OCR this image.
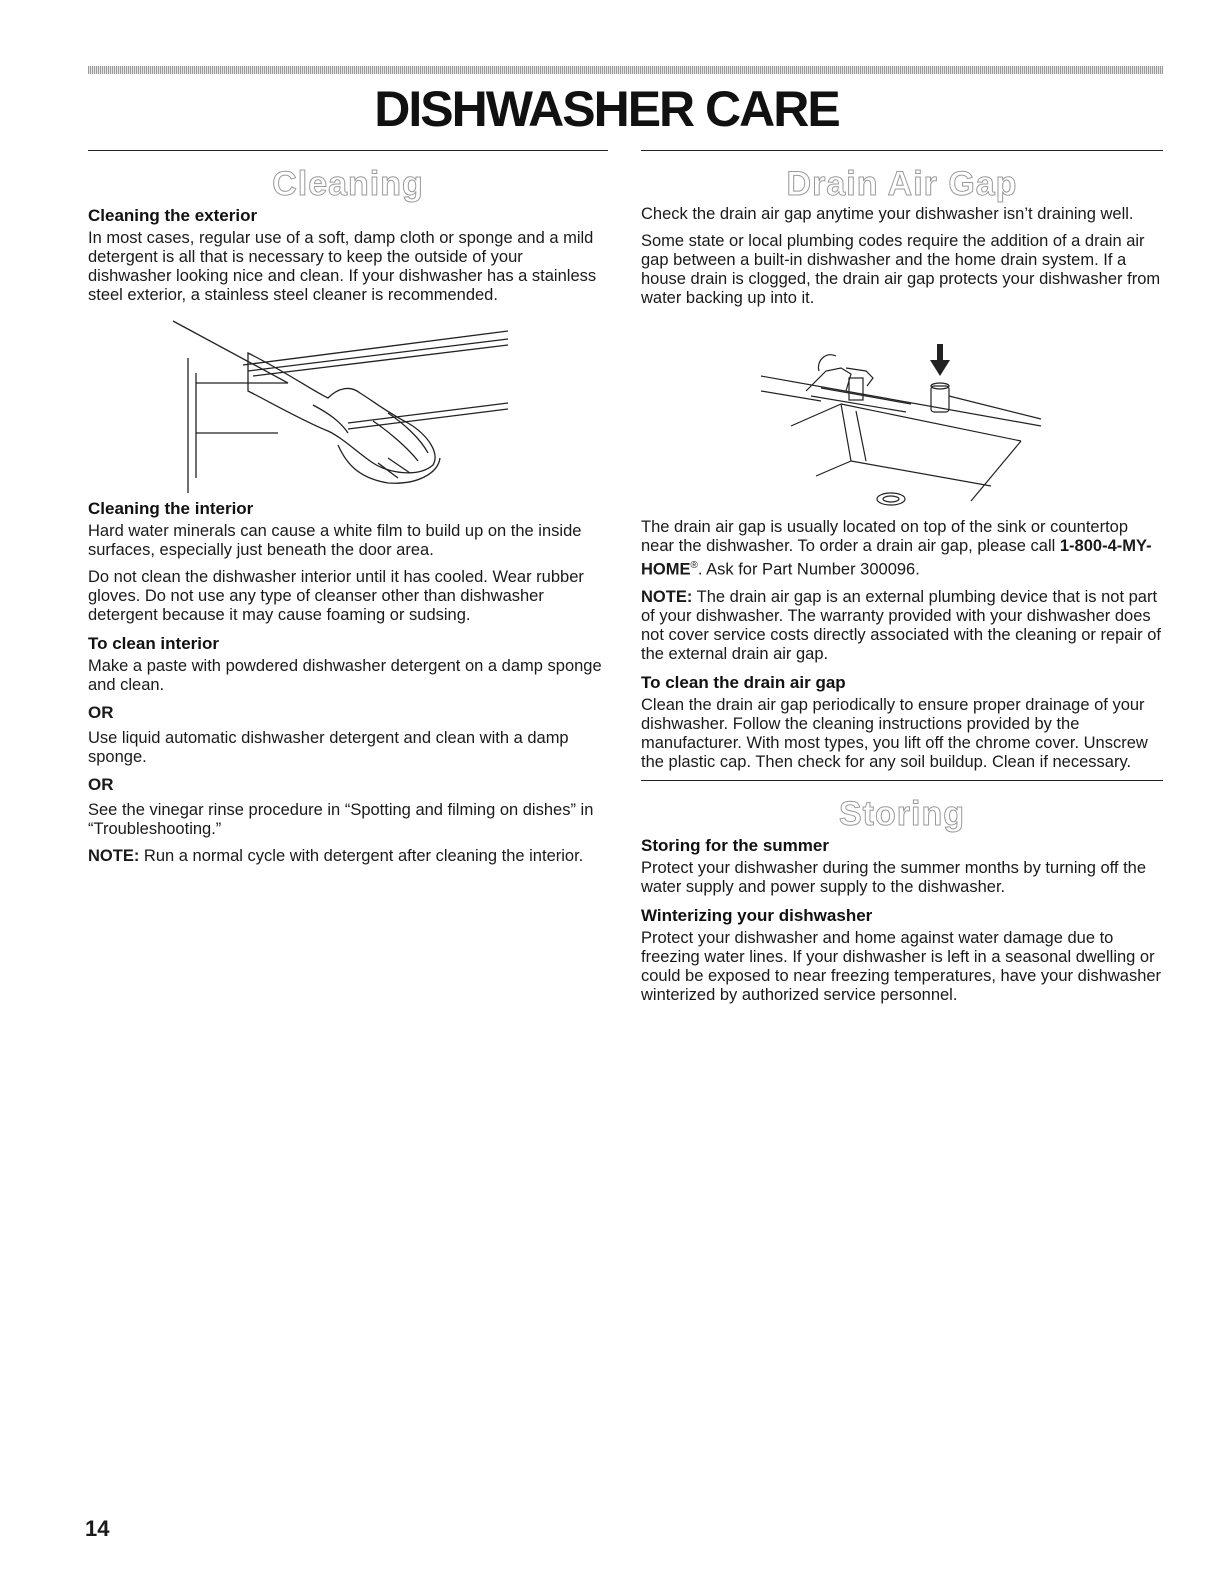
DISHWASHER CARE
Cleaning
Cleaning the exterior

In most cases, regular use of a soft, damp cloth or sponge and a mild detergent is all that is necessary to keep the outside of your dishwasher looking nice and clean. If your dishwasher has a stainless steel exterior, a stainless steel cleaner is recommended.

Cleaning the interior

Hard water minerals can cause a white film to build up on the inside surfaces, especially just beneath the door area.

Do not clean the dishwasher interior until it has cooled. Wear rubber gloves. Do not use any type of cleanser other than dishwasher detergent because it may cause foaming or sudsing.

To clean interior

Make a paste with powdered dishwasher detergent on a damp sponge and clean.

OR

Use liquid automatic dishwasher detergent and clean with a damp sponge.

OR

See the vinegar rinse procedure in “Spotting and filming on dishes” in “Troubleshooting.”

NOTE: Run a normal cycle with detergent after cleaning the interior.

Drain Air Gap

Check the drain air gap anytime your dishwasher isn’t draining well.

Some state or local plumbing codes require the addition of a drain air gap between a built-in dishwasher and the home drain system. If a house drain is clogged, the drain air gap protects your dishwasher from water backing up into it.

The drain air gap is usually located on top of the sink or countertop near the dishwasher. To order a drain air gap, please call 1-800-4-MY-HOME®. Ask for Part Number 300096.

NOTE: The drain air gap is an external plumbing device that is not part of your dishwasher. The warranty provided with your dishwasher does not cover service costs directly associated with the cleaning or repair of the external drain air gap.

To clean the drain air gap

Clean the drain air gap periodically to ensure proper drainage of your dishwasher. Follow the cleaning instructions provided by the manufacturer. With most types, you lift off the chrome cover. Unscrew the plastic cap. Then check for any soil buildup. Clean if necessary.

Storing
Storing for the summer

Protect your dishwasher during the summer months by turning off the water supply and power supply to the dishwasher.

Winterizing your dishwasher

Protect your dishwasher and home against water damage due to freezing water lines. If your dishwasher is left in a seasonal dwelling or could be exposed to near freezing temperatures, have your dishwasher winterized by authorized service personnel.

14
